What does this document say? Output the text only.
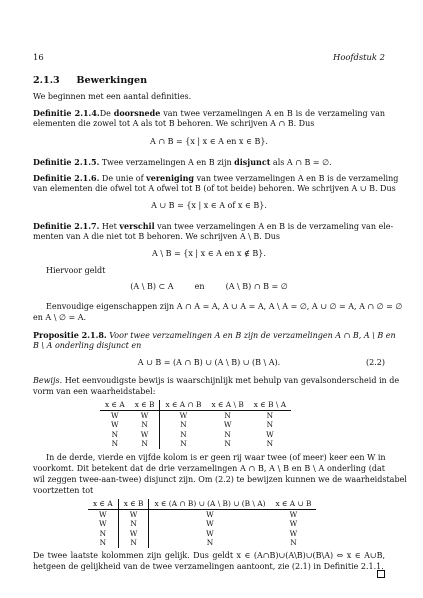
16	Hoofdstuk 2
2.1.3 Bewerkingen
We beginnen met een aantal definities.
Definitie 2.1.4.De doorsnede van twee verzamelingen A en B is de verzameling van
elementen die zowel tot A als tot B behoren. We schrijven A ∩ B. Dus
A ∩ B = {x | x ∈ A en x ∈ B}.
Definitie 2.1.5. Twee verzamelingen A en B zijn disjunct als A ∩ B = ∅.
Definitie 2.1.6. De unie of vereniging van twee verzamelingen A en B is de verzameling
van elementen die ofwel tot A ofwel tot B (of tot beide) behoren. We schrijven A ∪ B. Dus
A ∪ B = {x | x ∈ A of x ∈ B}.
Definitie 2.1.7. Het verschil van twee verzamelingen A en B is de verzameling van ele-
menten van A die niet tot B behoren. We schrijven A \ B. Dus
A \ B = {x | x ∈ A en x ∉ B}.
Hiervoor geldt
(A \ B) ⊂ A	en	(A \ B) ∩ B = ∅
Eenvoudige eigenschappen zijn A ∩ A = A, A ∪ A = A, A \ A = ∅, A ∪ ∅ = A, A ∩ ∅ = ∅
en A \ ∅ = A.
Propositie 2.1.8. Voor twee verzamelingen A en B zijn de verzamelingen A ∩ B, A \ B en
B \ A onderling disjunct en
A ∪ B = (A ∩ B) ∪ (A \ B) ∪ (B \ A).	(2.2)
Bewijs. Het eenvoudigste bewijs is waarschijnlijk met behulp van gevalsonderscheid in de
vorm van een waarheidstabel:
x ∈ A	x ∈ B	x ∈ A ∩ B	x ∈ A \ B	x ∈ B \ A
W	W	W	N	N
W	N	N	W	N
N	W	N	N	W
N	N	N	N	N
In de derde, vierde en vijfde kolom is er geen rij waar twee (of meer) keer een W in
voorkomt. Dit betekent dat de drie verzamelingen A ∩ B, A \ B en B \ A onderling (dat
wil zeggen twee-aan-twee) disjunct zijn. Om (2.2) te bewijzen kunnen we de waarheidstabel
voortzetten tot
x ∈ A	x ∈ B	x ∈ (A ∩ B) ∪ (A \ B) ∪ (B \ A)	x ∈ A ∪ B
W	W	W	W
W	N	W	W
N	W	W	W
N	N	N	N
De twee laatste kolommen zijn gelijk. Dus geldt x ∈ (A∩B)∪(A\B)∪(B\A) ⇔ x ∈ A∪B,
hetgeen de gelijkheid van de twee verzamelingen aantoont, zie (2.1) in Definitie 2.1.1.
